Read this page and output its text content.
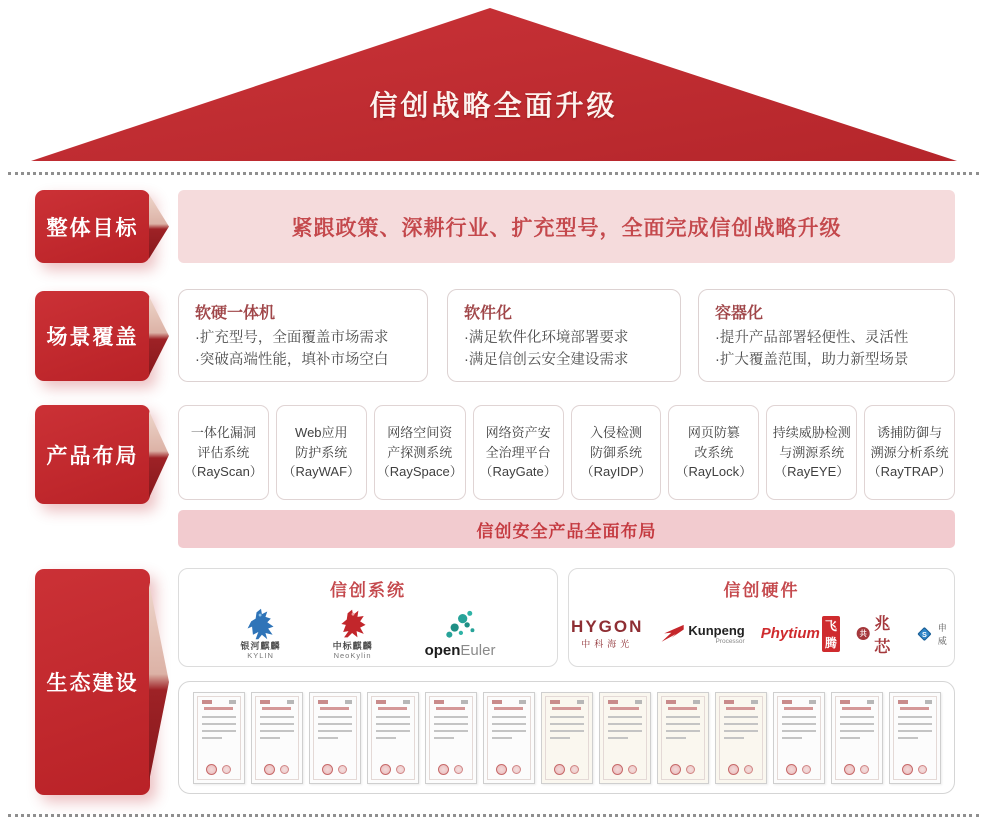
信创战略全面升级
整体目标	紧跟政策、深耕行业、扩充型号，全面完成信创战略升级
场景覆盖
软硬一体机
·扩充型号，全面覆盖市场需求
·突破高端性能，填补市场空白
软件化
·满足软件化环境部署要求
·满足信创云安全建设需求
容器化
·提升产品部署轻便性、灵活性
·扩大覆盖范围，助力新型场景
产品布局
一体化漏洞
评估系统
（RayScan）
Web应用
防护系统
（RayWAF）
网络空间资
产探测系统
（RaySpace）
网络资产安
全治理平台
（RayGate）
入侵检测
防御系统
（RayIDP）
网页防篡
改系统
（RayLock）
持续威胁检测
与溯源系统
（RayEYE）
诱捕防御与
溯源分析系统
（RayTRAP）
信创安全产品全面布局
生态建设
信创系统
银河麒麟
KYLIN
中标麒麟
NeoKylin	openEuler
信创硬件
HYGON
中科海光
Kunpeng
Processor Phytium 飞腾
共
兆芯
S
申威
